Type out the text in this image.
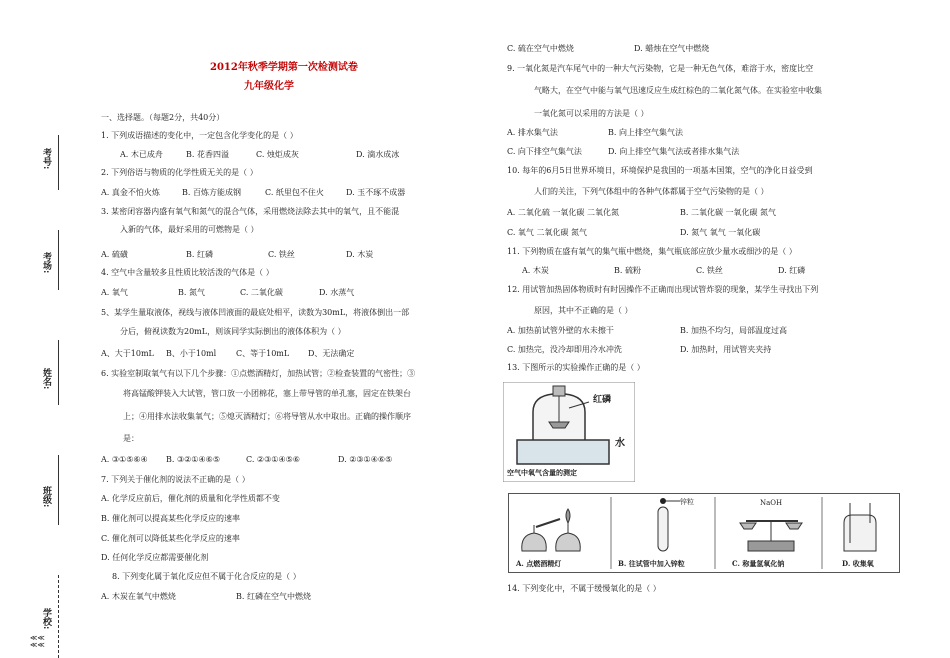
考号:
考场:
姓名:
班级:
学校:
≪≪
≪≪
2012年秋季学期第一次检测试卷
九年级化学
一、选择题。（每题2分，共40分）
1. 下列成语描述的变化中，一定包含化学变化的是（ ）
A. 木已成舟	B. 花香四溢	C. 烛炬成灰	D. 滴水成冰
2. 下列俗语与物质的化学性质无关的是（ ）
A. 真金不怕火炼	B. 百炼方能成钢	C. 纸里包不住火	D. 玉不琢不成器
3. 某密闭容器内盛有氧气和氮气的混合气体，采用燃烧法除去其中的氧气，且不能混
入新的气体，最好采用的可燃物是（ ）
A. 硫磺	B. 红磷	C. 铁丝	D. 木炭
4. 空气中含量较多且性质比较活泼的气体是（ ）
A. 氧气	B. 氮气	C. 二氧化碳	D. 水蒸气
5、某学生量取液体，视线与液体凹液面的最底处相平，读数为30mL，将液体倒出一部
分后，俯视读数为20mL，则该同学实际倒出的液体体积为（ ）
A、大于10mL B、小于10ml C、等于10mL D、无法确定
6. 实验室制取氧气有以下几个步骤：①点燃酒精灯，加热试管；②检查装置的气密性；③
将高锰酸钾装入大试管，管口放一小团棉花，塞上带导管的单孔塞，固定在铁架台
上；④用排水法收集氧气；⑤熄灭酒精灯；⑥将导管从水中取出。正确的操作顺序
是：
A. ③①⑤⑥④ B. ③②①④⑥⑤	C. ②③①④⑤⑥	D. ②③①④⑥⑤
7. 下列关于催化剂的说法不正确的是（ ）
A. 化学反应前后，催化剂的质量和化学性质都不变
B. 催化剂可以提高某些化学反应的速率
C. 催化剂可以降低某些化学反应的速率
D. 任何化学反应都需要催化剂
8. 下列变化属于氧化反应但不属于化合反应的是（ ）
A. 木炭在氧气中燃烧	B. 红磷在空气中燃烧
C. 硫在空气中燃烧	D. 蜡烛在空气中燃烧
9. 一氧化氮是汽车尾气中的一种大气污染物，它是一种无色气体，难溶于水，密度比空
气略大，在空气中能与氧气迅速反应生成红棕色的二氧化氮气体。在实验室中收集
一氧化氮可以采用的方法是（ ）
A. 排水集气法	B. 向上排空气集气法
C. 向下排空气集气法	D. 向上排空气集气法或者排水集气法
10. 每年的6月5日世界环境日，环境保护是我国的一项基本国策，空气的净化日益受到
人们的关注，下列气体组中的各种气体都属于空气污染物的是（ ）
A. 二氧化硫 一氧化碳 二氧化氮	B. 二氧化碳 一氧化碳 氮气
C. 氧气 二氧化碳 氮气	D. 氮气 氧气 一氧化碳
11. 下列物质在盛有氧气的集气瓶中燃烧，集气瓶底部应放少量水或细沙的是（ ）
A. 木炭	B. 硫粉	C. 铁丝	D. 红磷
12. 用试管加热固体物质时有时因操作不正确而出现试管炸裂的现象，某学生寻找出下列
原因，其中不正确的是（ ）
A. 加热前试管外壁的水未擦干	B. 加热不均匀，局部温度过高
C. 加热完，没冷却即用冷水冲洗	D. 加热时，用试管夹夹持
13. 下图所示的实验操作正确的是（ ）
红磷
水
空气中氧气含量的测定
锌粒	NaOH
A. 点燃酒精灯	B. 往试管中加入锌粒	C. 称量氢氧化钠	D. 收集氧
14. 下列变化中，不属于缓慢氧化的是（ ）
